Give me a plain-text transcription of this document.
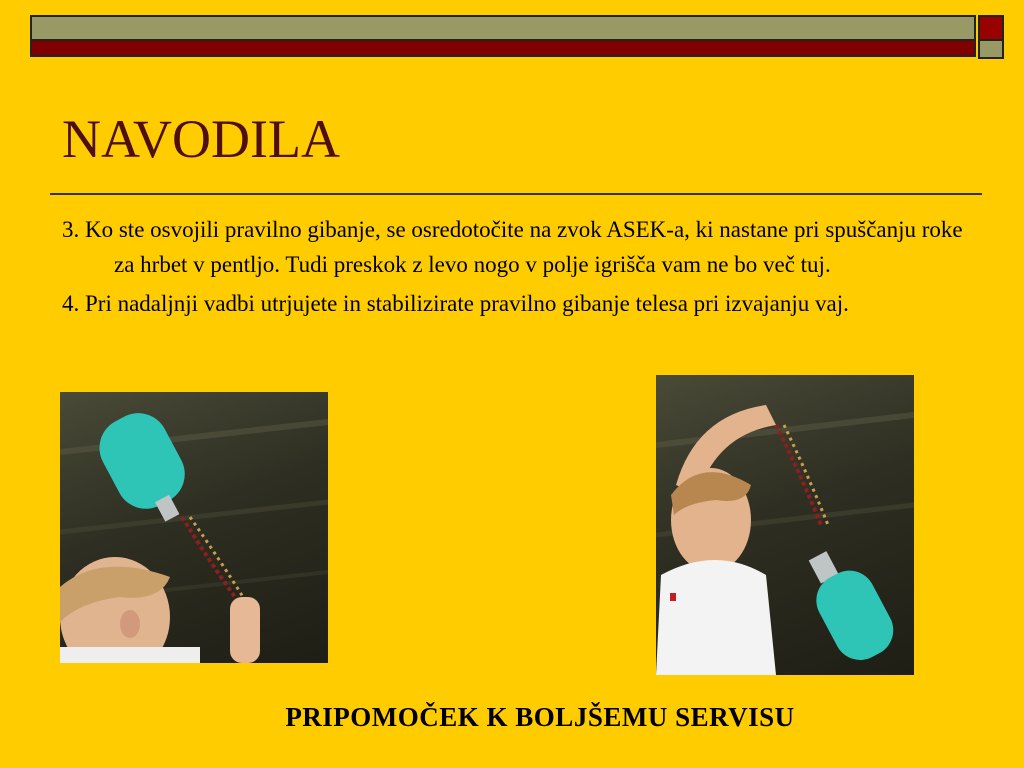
NAVODILA
3. Ko ste osvojili pravilno gibanje, se osredotočite na zvok ASEK-a, ki nastane pri spuščanju roke za hrbet v pentljo. Tudi preskok z levo nogo v polje igrišča vam ne bo več tuj.
4. Pri nadaljnji vadbi utrjujete in stabilizirate pravilno gibanje telesa pri izvajanju vaj.

PRIPOMOČEK K BOLJŠEMU SERVISU
